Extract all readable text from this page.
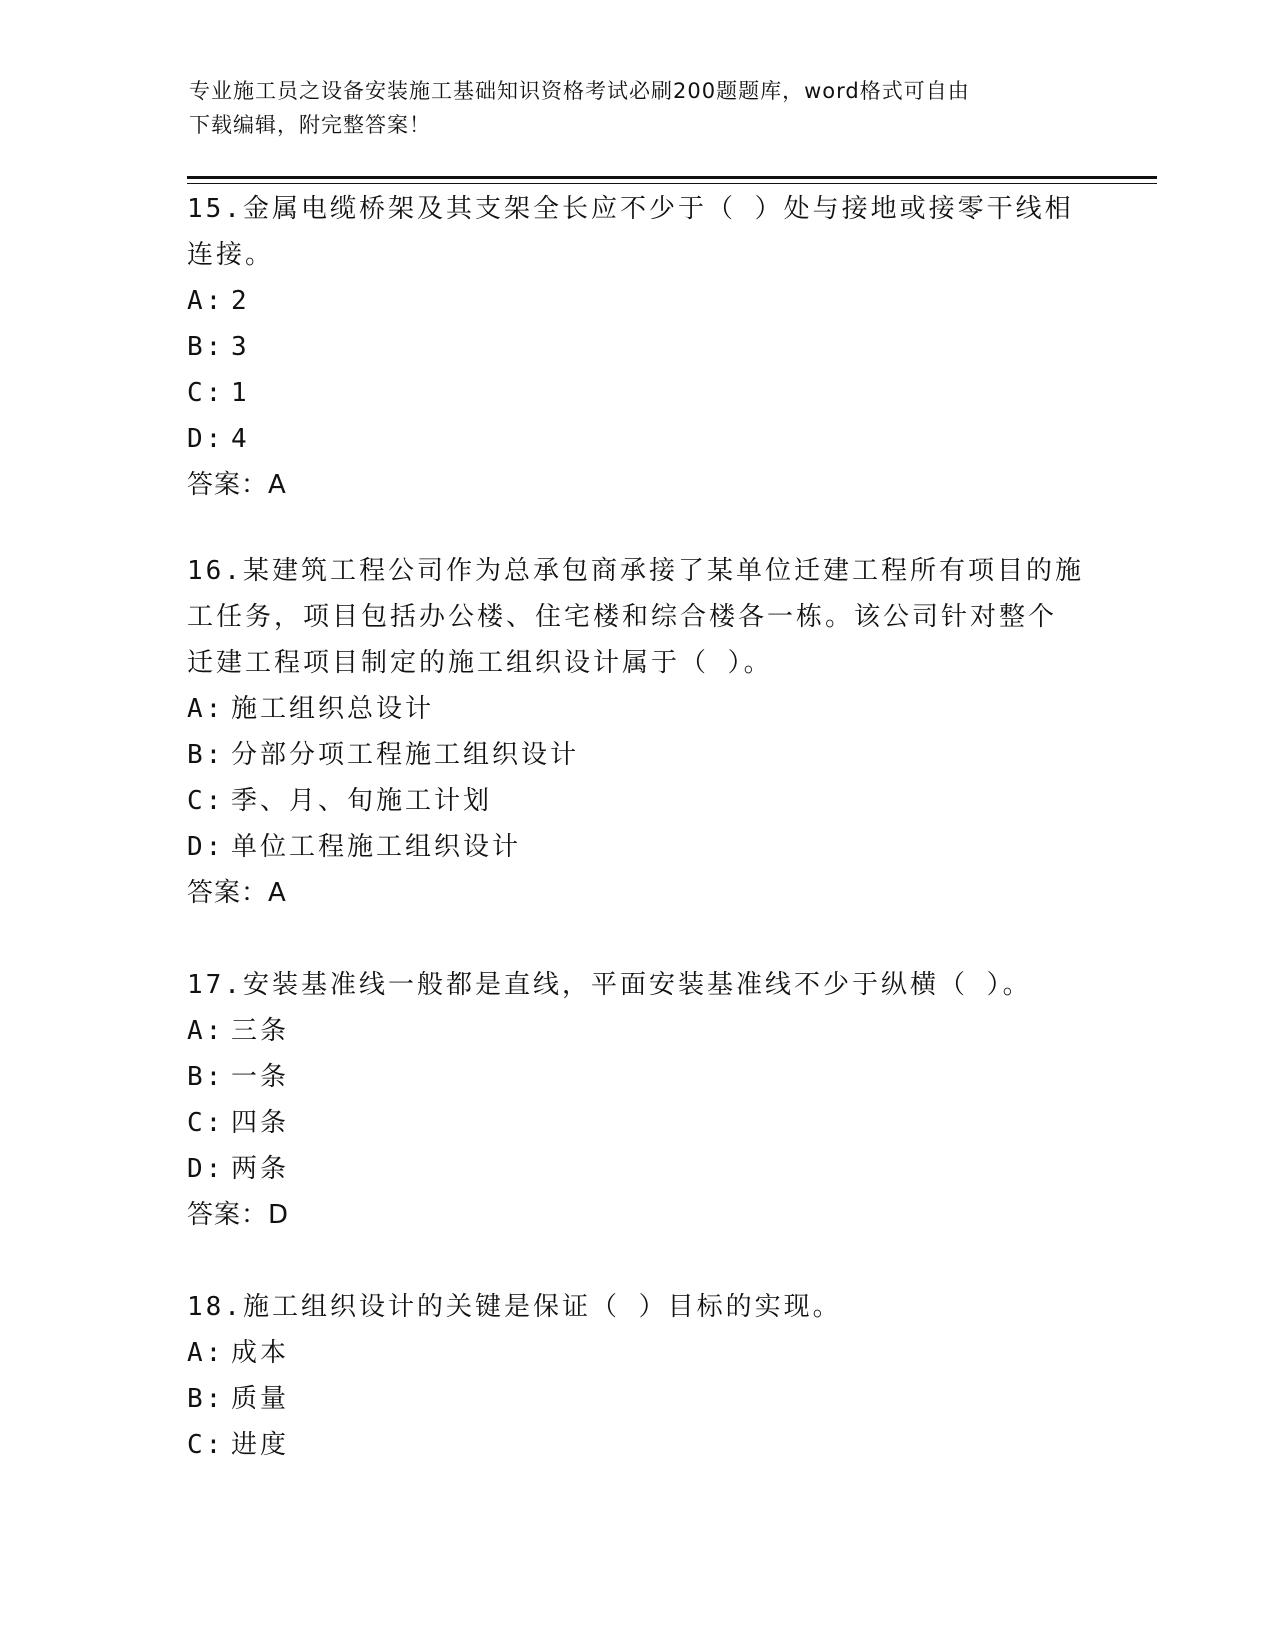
专业施工员之设备安装施工基础知识资格考试必刷200题题库，word格式可自由
下载编辑，附完整答案！

15.金属电缆桥架及其支架全长应不少于（ ）处与接地或接零干线相

连接。

A: 2

B: 3

C: 1

D: 4

答案：A

16.某建筑工程公司作为总承包商承接了某单位迁建工程所有项目的施

工任务，项目包括办公楼、住宅楼和综合楼各一栋。该公司针对整个

迁建工程项目制定的施工组织设计属于（ ）。

A: 施工组织总设计

B: 分部分项工程施工组织设计

C: 季、月、旬施工计划

D: 单位工程施工组织设计

答案：A

17.安装基准线一般都是直线，平面安装基准线不少于纵横（ ）。

A: 三条

B: 一条

C: 四条

D: 两条

答案：D

18.施工组织设计的关键是保证（ ）目标的实现。

A: 成本

B: 质量

C: 进度
